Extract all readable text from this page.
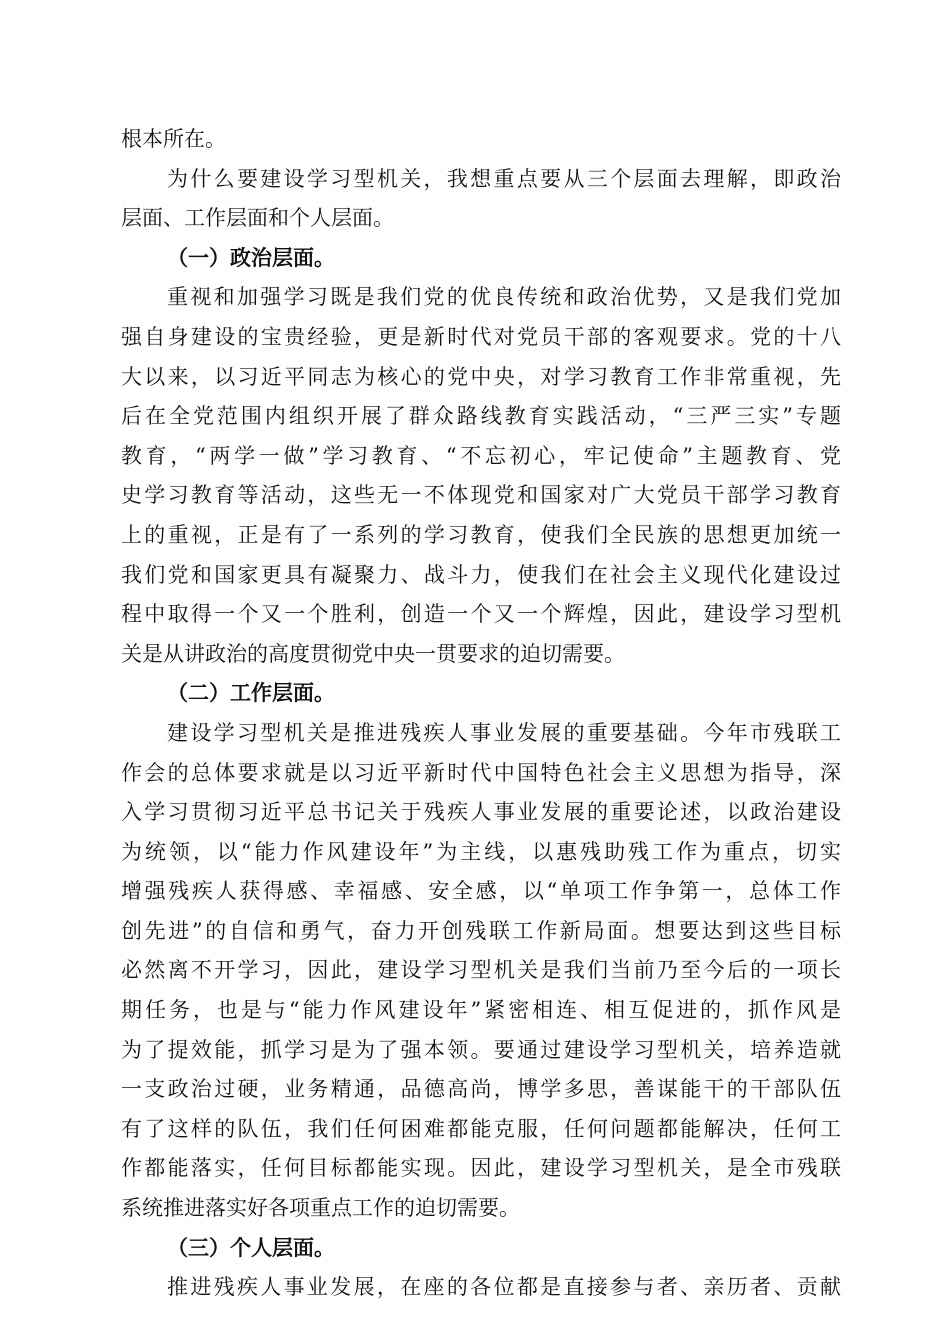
根本所在。
为什么要建设学习型机关，我想重点要从三个层面去理解，即政治
层面、工作层面和个人层面。
（一）政治层面。
重视和加强学习既是我们党的优良传统和政治优势，又是我们党加
强自身建设的宝贵经验，更是新时代对党员干部的客观要求。党的十八
大以来，以习近平同志为核心的党中央，对学习教育工作非常重视，先
后在全党范围内组织开展了群众路线教育实践活动，“三严三实”专题
教育，“两学一做”学习教育、“不忘初心，牢记使命”主题教育、党
史学习教育等活动，这些无一不体现党和国家对广大党员干部学习教育
上的重视，正是有了一系列的学习教育，使我们全民族的思想更加统一
我们党和国家更具有凝聚力、战斗力，使我们在社会主义现代化建设过
程中取得一个又一个胜利，创造一个又一个辉煌，因此，建设学习型机
关是从讲政治的高度贯彻党中央一贯要求的迫切需要。
（二）工作层面。
建设学习型机关是推进残疾人事业发展的重要基础。今年市残联工
作会的总体要求就是以习近平新时代中国特色社会主义思想为指导，深
入学习贯彻习近平总书记关于残疾人事业发展的重要论述，以政治建设
为统领，以“能力作风建设年”为主线，以惠残助残工作为重点，切实
增强残疾人获得感、幸福感、安全感，以“单项工作争第一，总体工作
创先进”的自信和勇气，奋力开创残联工作新局面。想要达到这些目标
必然离不开学习，因此，建设学习型机关是我们当前乃至今后的一项长
期任务，也是与“能力作风建设年”紧密相连、相互促进的，抓作风是
为了提效能，抓学习是为了强本领。要通过建设学习型机关，培养造就
一支政治过硬，业务精通，品德高尚，博学多思，善谋能干的干部队伍
有了这样的队伍，我们任何困难都能克服，任何问题都能解决，任何工
作都能落实，任何目标都能实现。因此，建设学习型机关，是全市残联
系统推进落实好各项重点工作的迫切需要。
（三）个人层面。
推进残疾人事业发展，在座的各位都是直接参与者、亲历者、贡献
